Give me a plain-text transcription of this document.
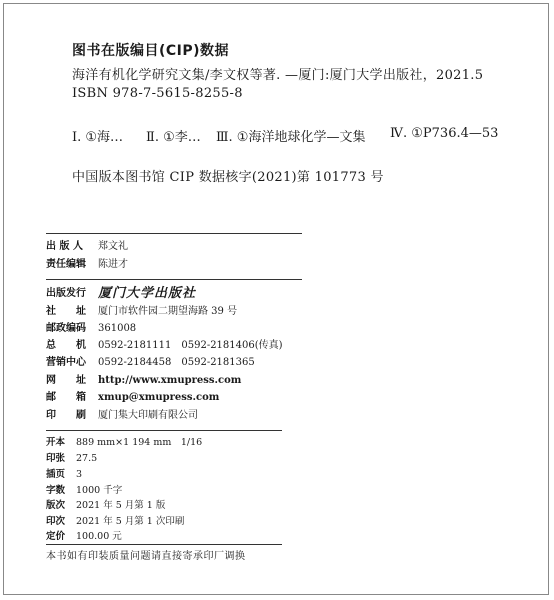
图书在版编目(CIP)数据
海洋有机化学研究文集/李文权等著. —厦门:厦门大学出版社，2021.5
ISBN 978-7-5615-8255-8
Ⅰ. ①海… Ⅱ. ①李… Ⅲ. ①海洋地球化学—文集 Ⅳ. ①P736.4—53
中国版本图书馆 CIP 数据核字(2021)第 101773 号
出 版 人 郑文礼
责任编辑 陈进才
出版发行 厦门大学出版社
社　　址 厦门市软件园二期望海路 39 号
邮政编码 361008
总　　机 0592-2181111　0592-2181406(传真)
营销中心 0592-2184458　0592-2181365
网　　址 http://www.xmupress.com
邮　　箱 xmup@xmupress.com
印　　刷 厦门集大印刷有限公司
开本 889 mm×1 194 mm　1/16
印张 27.5
插页 3
字数 1000 千字
版次 2021 年 5 月第 1 版
印次 2021 年 5 月第 1 次印刷
定价 100.00 元
本书如有印装质量问题请直接寄承印厂调换
